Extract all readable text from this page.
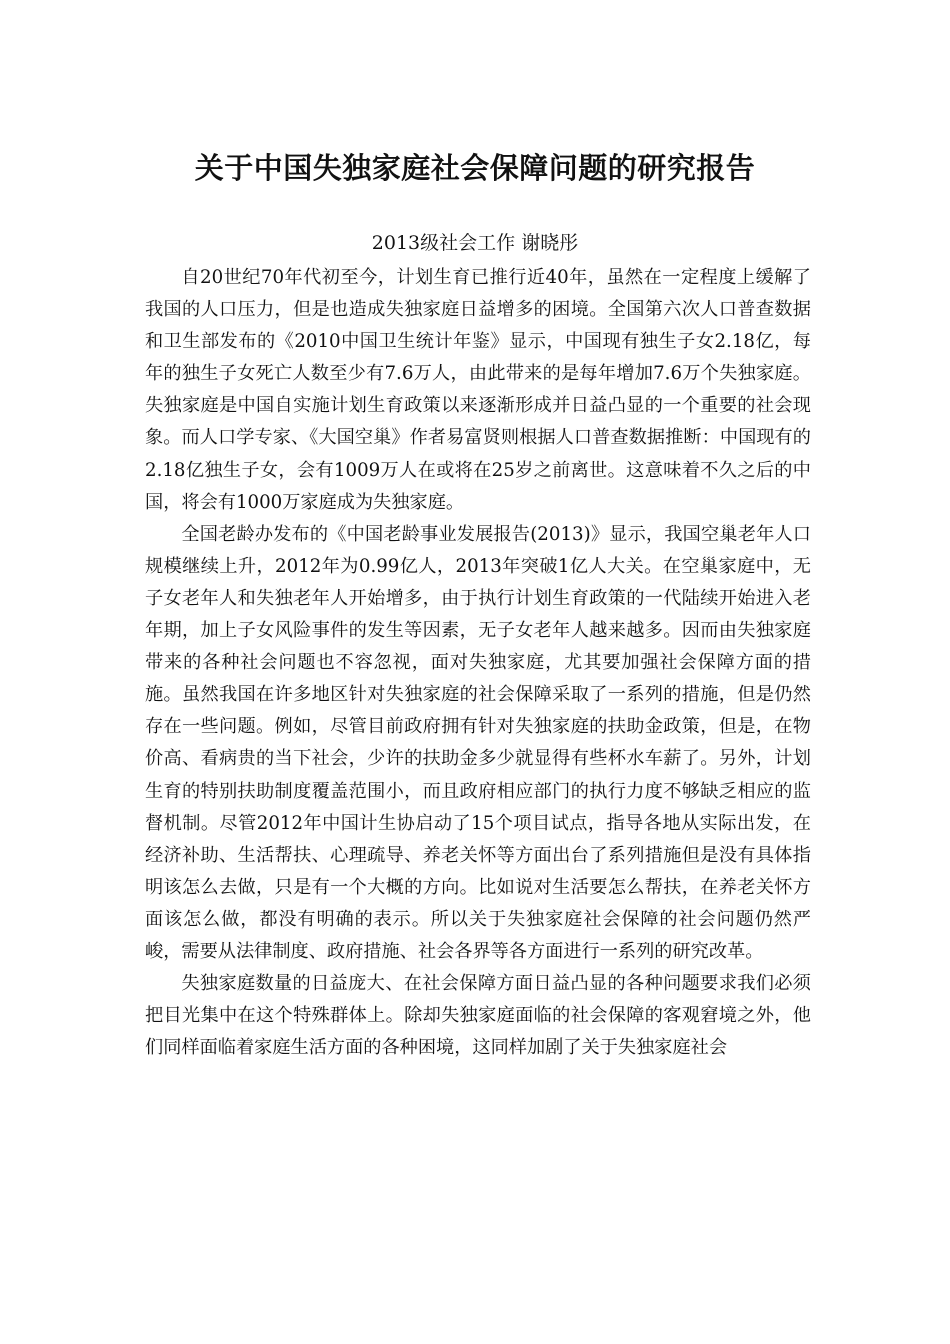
关于中国失独家庭社会保障问题的研究报告
2013级社会工作 谢晓彤

自20世纪70年代初至今，计划生育已推行近40年，虽然在一定程度上缓解了我国的人口压力，但是也造成失独家庭日益增多的困境。全国第六次人口普查数据和卫生部发布的《2010中国卫生统计年鉴》显示，中国现有独生子女2.18亿，每年的独生子女死亡人数至少有7.6万人，由此带来的是每年增加7.6万个失独家庭。失独家庭是中国自实施计划生育政策以来逐渐形成并日益凸显的一个重要的社会现象。而人口学专家、《大国空巢》作者易富贤则根据人口普查数据推断：中国现有的2.18亿独生子女，会有1009万人在或将在25岁之前离世。这意味着不久之后的中国，将会有1000万家庭成为失独家庭。

全国老龄办发布的《中国老龄事业发展报告(2013)》显示，我国空巢老年人口规模继续上升，2012年为0.99亿人，2013年突破1亿人大关。在空巢家庭中，无子女老年人和失独老年人开始增多，由于执行计划生育政策的一代陆续开始进入老年期，加上子女风险事件的发生等因素，无子女老年人越来越多。因而由失独家庭带来的各种社会问题也不容忽视，面对失独家庭，尤其要加强社会保障方面的措施。虽然我国在许多地区针对失独家庭的社会保障采取了一系列的措施，但是仍然存在一些问题。例如，尽管目前政府拥有针对失独家庭的扶助金政策，但是，在物价高、看病贵的当下社会，少许的扶助金多少就显得有些杯水车薪了。另外，计划生育的特别扶助制度覆盖范围小，而且政府相应部门的执行力度不够缺乏相应的监督机制。尽管2012年中国计生协启动了15个项目试点，指导各地从实际出发，在经济补助、生活帮扶、心理疏导、养老关怀等方面出台了系列措施但是没有具体指明该怎么去做，只是有一个大概的方向。比如说对生活要怎么帮扶，在养老关怀方面该怎么做，都没有明确的表示。所以关于失独家庭社会保障的社会问题仍然严峻，需要从法律制度、政府措施、社会各界等各方面进行一系列的研究改革。

失独家庭数量的日益庞大、在社会保障方面日益凸显的各种问题要求我们必须把目光集中在这个特殊群体上。除却失独家庭面临的社会保障的客观窘境之外，他们同样面临着家庭生活方面的各种困境，这同样加剧了关于失独家庭社会
